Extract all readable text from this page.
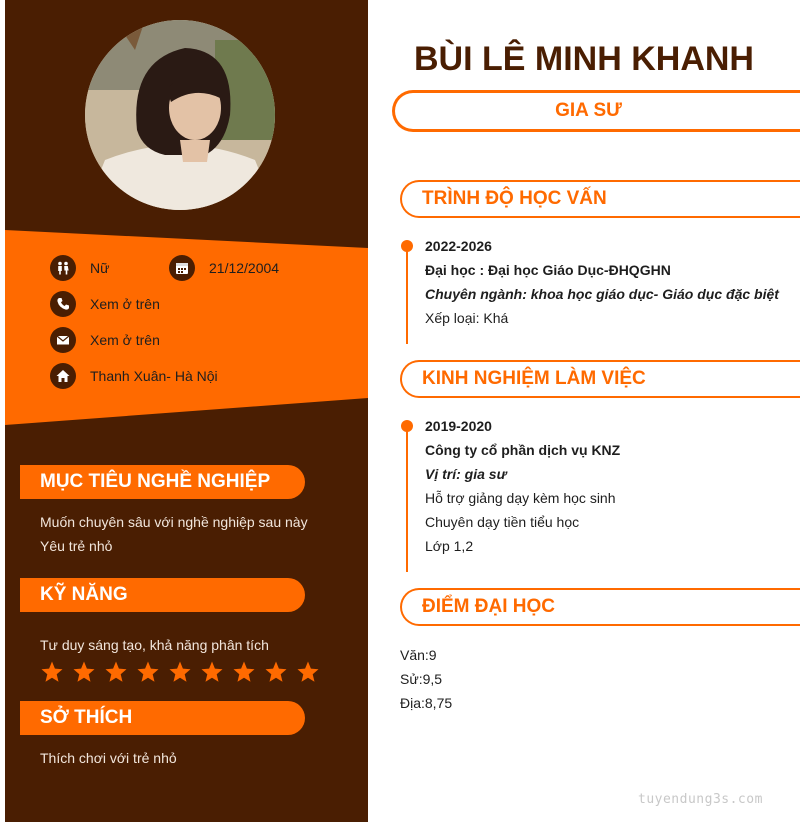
Nữ	21/12/2004
Xem ở trên
Xem ở trên
Thanh Xuân- Hà Nội
MỤC TIÊU NGHỀ NGHIỆP
Muốn chuyên sâu với nghề nghiệp sau này
Yêu trẻ nhỏ
KỸ NĂNG
Tư duy sáng tạo, khả năng phân tích
SỞ THÍCH
Thích chơi với trẻ nhỏ
BÙI LÊ MINH KHANH
GIA SƯ
TRÌNH ĐỘ HỌC VẤN
2022-2026
Đại học : Đại học Giáo Dục-ĐHQGHN
Chuyên ngành: khoa học giáo dục- Giáo dục đặc biệt
Xếp loại: Khá
KINH NGHIỆM LÀM VIỆC
2019-2020
Công ty cổ phần dịch vụ KNZ
Vị trí: gia sư
Hỗ trợ giảng dạy kèm học sinh
Chuyên dạy tiền tiểu học
Lớp 1,2
ĐIỂM ĐẠI HỌC
Văn:9
Sử:9,5
Địa:8,75
tuyendung3s.com
